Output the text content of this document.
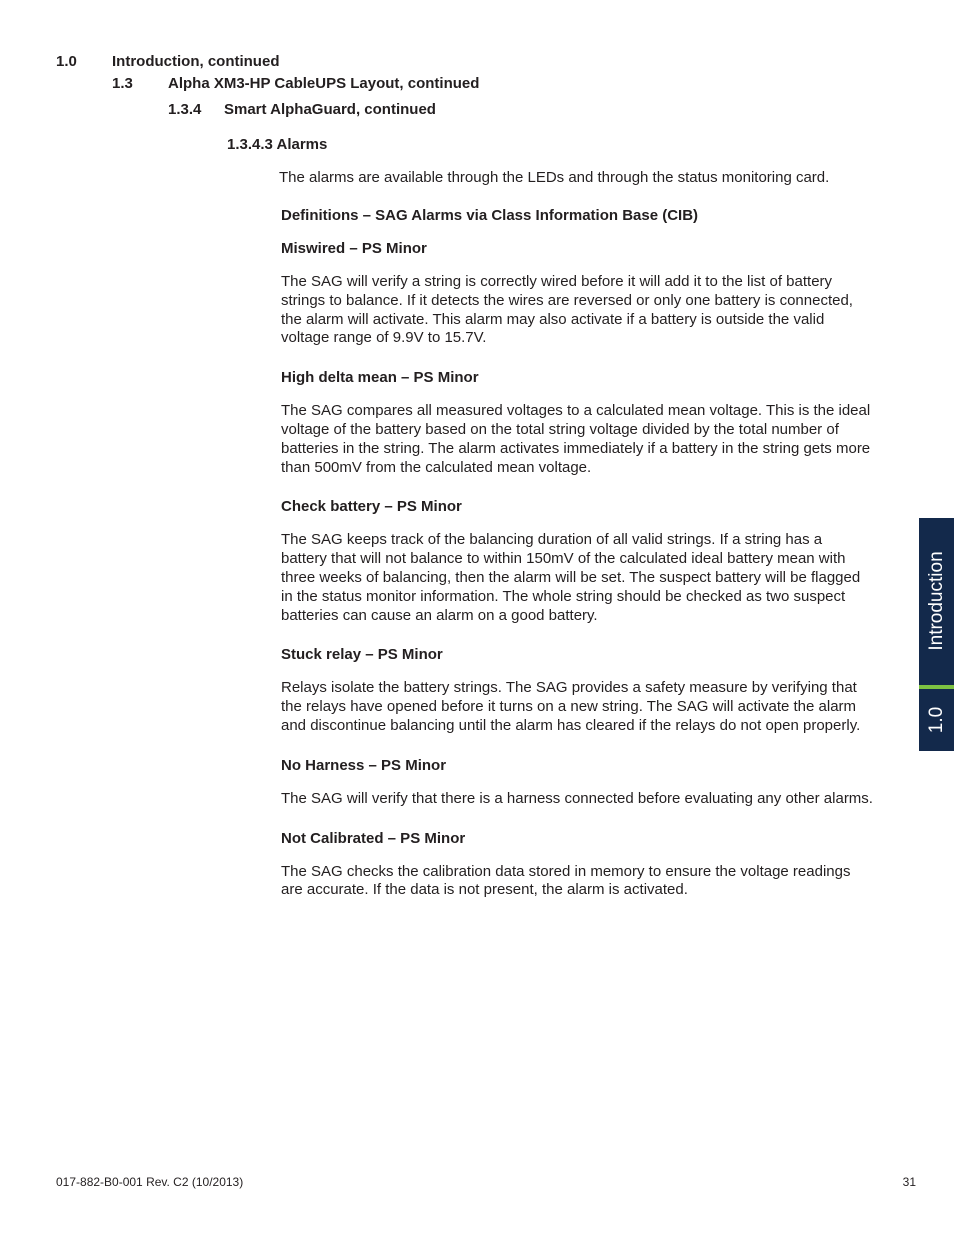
1.0 Introduction, continued
1.3 Alpha XM3-HP CableUPS Layout, continued
1.3.4 Smart AlphaGuard, continued
1.3.4.3 Alarms
The alarms are available through the LEDs and through the status monitoring card.
Definitions – SAG Alarms via Class Information Base (CIB)
Miswired – PS Minor
The SAG will verify a string is correctly wired before it will add it to the list of battery
strings to balance. If it detects the wires are reversed or only one battery is connected,
the alarm will activate. This alarm may also activate if a battery is outside the valid
voltage range of 9.9V to 15.7V.
High delta mean – PS Minor
The SAG compares all measured voltages to a calculated mean voltage. This is the ideal
voltage of the battery based on the total string voltage divided by the total number of
batteries in the string. The alarm activates immediately if a battery in the string gets more
than 500mV from the calculated mean voltage.
Check battery – PS Minor
The SAG keeps track of the balancing duration of all valid strings. If a string has a
battery that will not balance to within 150mV of the calculated ideal battery mean with
three weeks of balancing, then the alarm will be set. The suspect battery will be flagged
in the status monitor information. The whole string should be checked as two suspect
batteries can cause an alarm on a good battery.
Stuck relay – PS Minor
Relays isolate the battery strings. The SAG provides a safety measure by verifying that
the relays have opened before it turns on a new string. The SAG will activate the alarm
and discontinue balancing until the alarm has cleared if the relays do not open properly.
No Harness – PS Minor
The SAG will verify that there is a harness connected before evaluating any other alarms.
Not Calibrated – PS Minor
The SAG checks the calibration data stored in memory to ensure the voltage readings
are accurate. If the data is not present, the alarm is activated.
Introduction
1.0
017-882-B0-001 Rev. C2 (10/2013)	31
